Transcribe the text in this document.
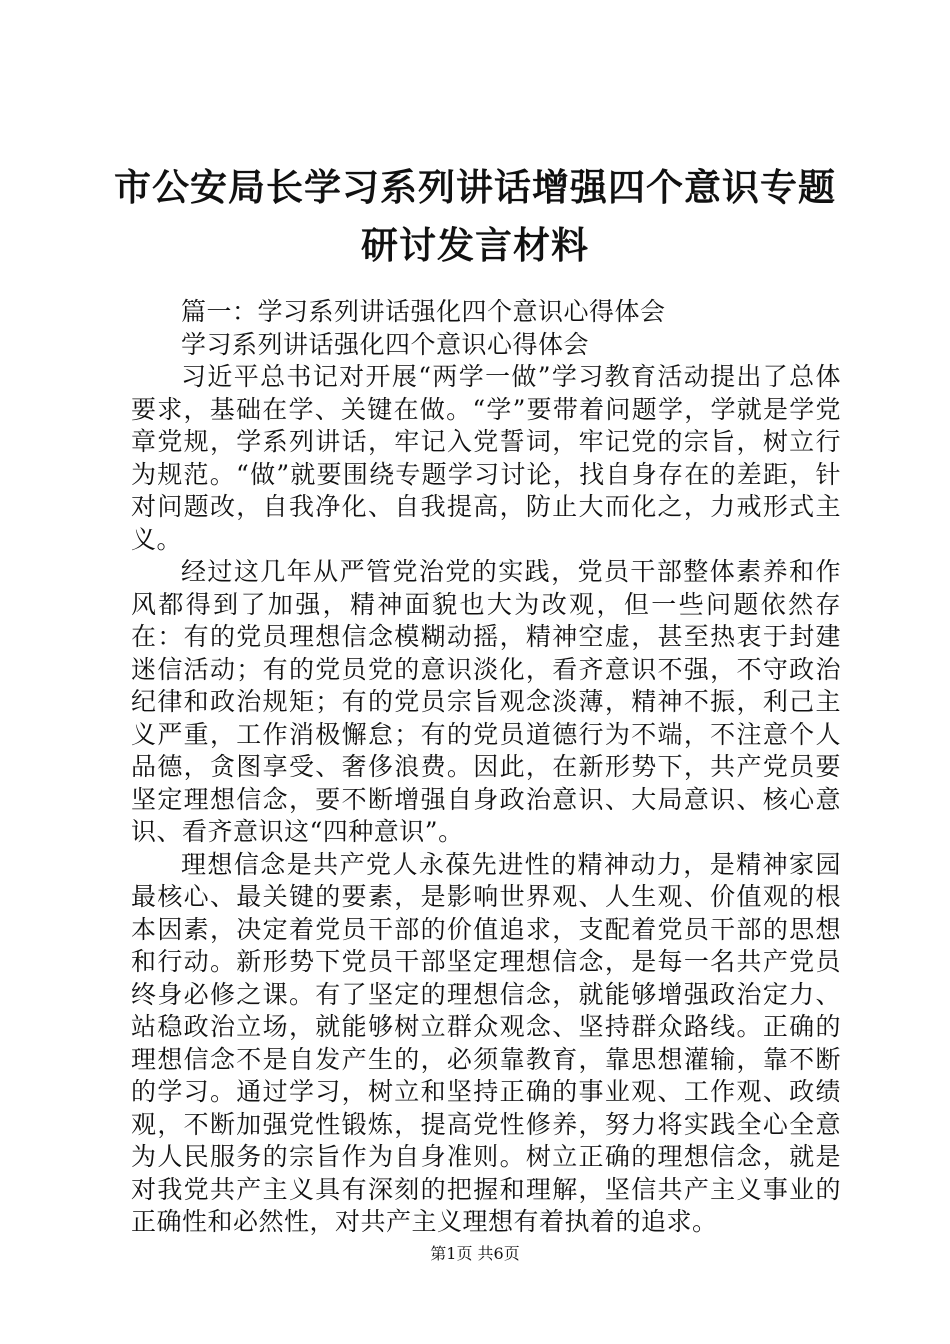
市公安局长学习系列讲话增强四个意识专题研讨发言材料

篇一：学习系列讲话强化四个意识心得体会

学习系列讲话强化四个意识心得体会

习近平总书记对开展“两学一做”学习教育活动提出了总体要求，基础在学、关键在做。“学”要带着问题学，学就是学党章党规，学系列讲话，牢记入党誓词，牢记党的宗旨，树立行为规范。“做”就要围绕专题学习讨论，找自身存在的差距，针对问题改，自我净化、自我提高，防止大而化之，力戒形式主义。

经过这几年从严管党治党的实践，党员干部整体素养和作风都得到了加强，精神面貌也大为改观，但一些问题依然存在：有的党员理想信念模糊动摇，精神空虚，甚至热衷于封建迷信活动；有的党员党的意识淡化，看齐意识不强，不守政治纪律和政治规矩；有的党员宗旨观念淡薄，精神不振，利己主义严重，工作消极懈怠；有的党员道德行为不端，不注意个人品德，贪图享受、奢侈浪费。因此，在新形势下，共产党员要坚定理想信念，要不断增强自身政治意识、大局意识、核心意识、看齐意识这“四种意识”。

理想信念是共产党人永葆先进性的精神动力，是精神家园最核心、最关键的要素，是影响世界观、人生观、价值观的根本因素，决定着党员干部的价值追求，支配着党员干部的思想和行动。新形势下党员干部坚定理想信念，是每一名共产党员终身必修之课。有了坚定的理想信念，就能够增强政治定力、站稳政治立场，就能够树立群众观念、坚持群众路线。正确的理想信念不是自发产生的，必须靠教育，靠思想灌输，靠不断的学习。通过学习，树立和坚持正确的事业观、工作观、政绩观，不断加强党性锻炼，提高党性修养，努力将实践全心全意为人民服务的宗旨作为自身准则。树立正确的理想信念，就是对我党共产主义具有深刻的把握和理解，坚信共产主义事业的正确性和必然性，对共产主义理想有着执着的追求。

第1页 共6页
